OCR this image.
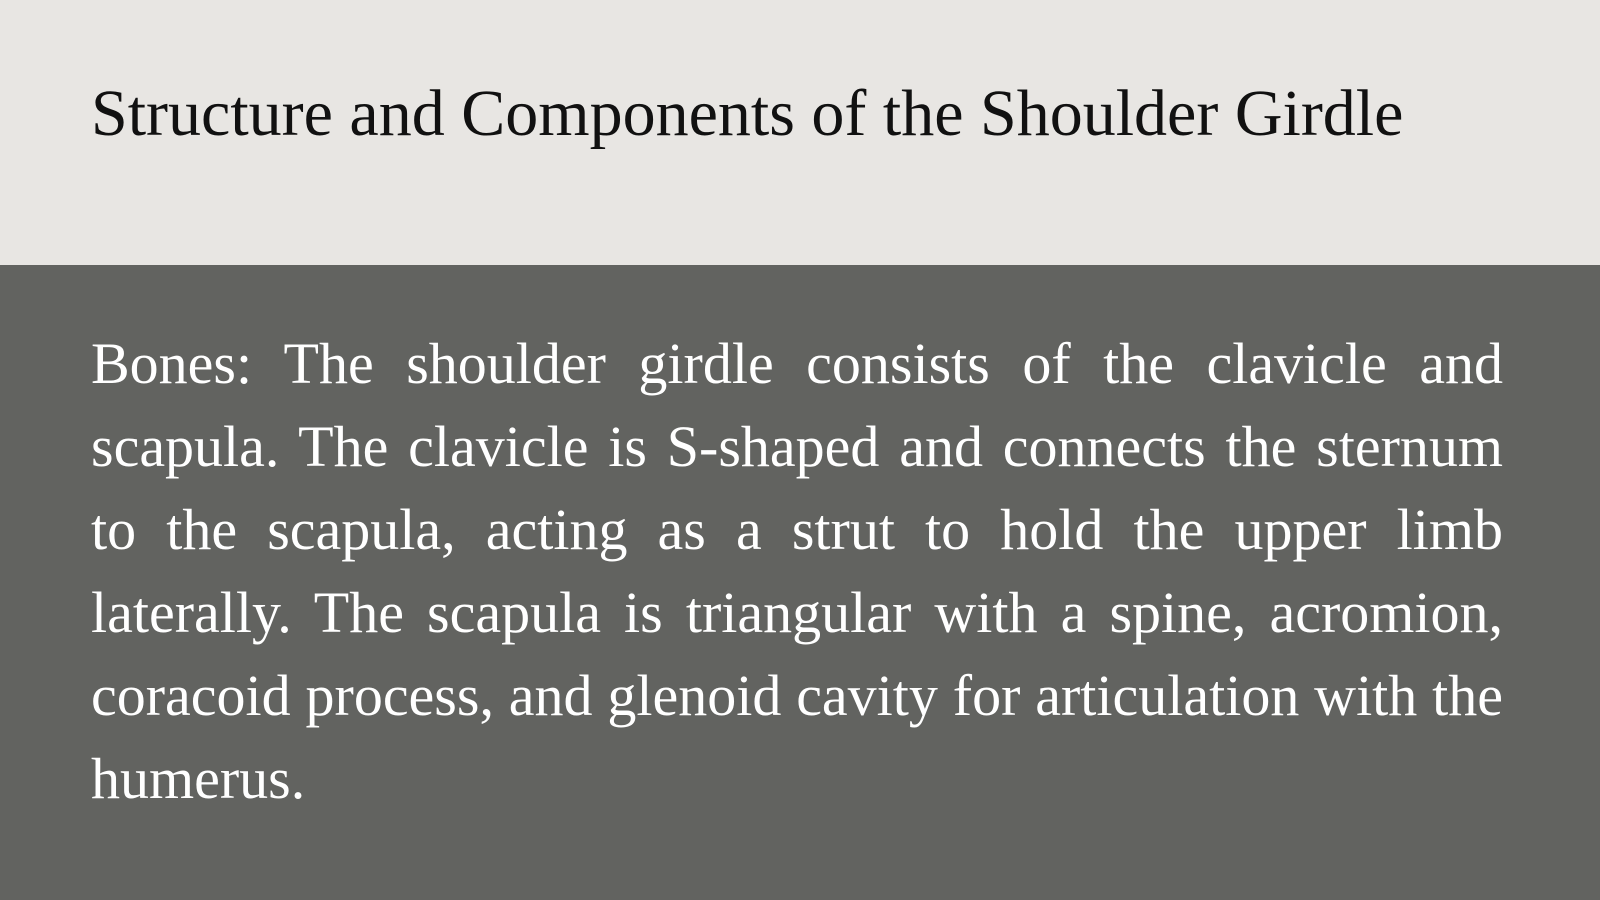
Structure and Components of the Shoulder Girdle

Bones: The shoulder girdle consists of the clavicle and scapula. The clavicle is S-shaped and connects the sternum to the scapula, acting as a strut to hold the upper limb laterally. The scapula is triangular with a spine, acromion, coracoid process, and glenoid cavity for articulation with the humerus.
